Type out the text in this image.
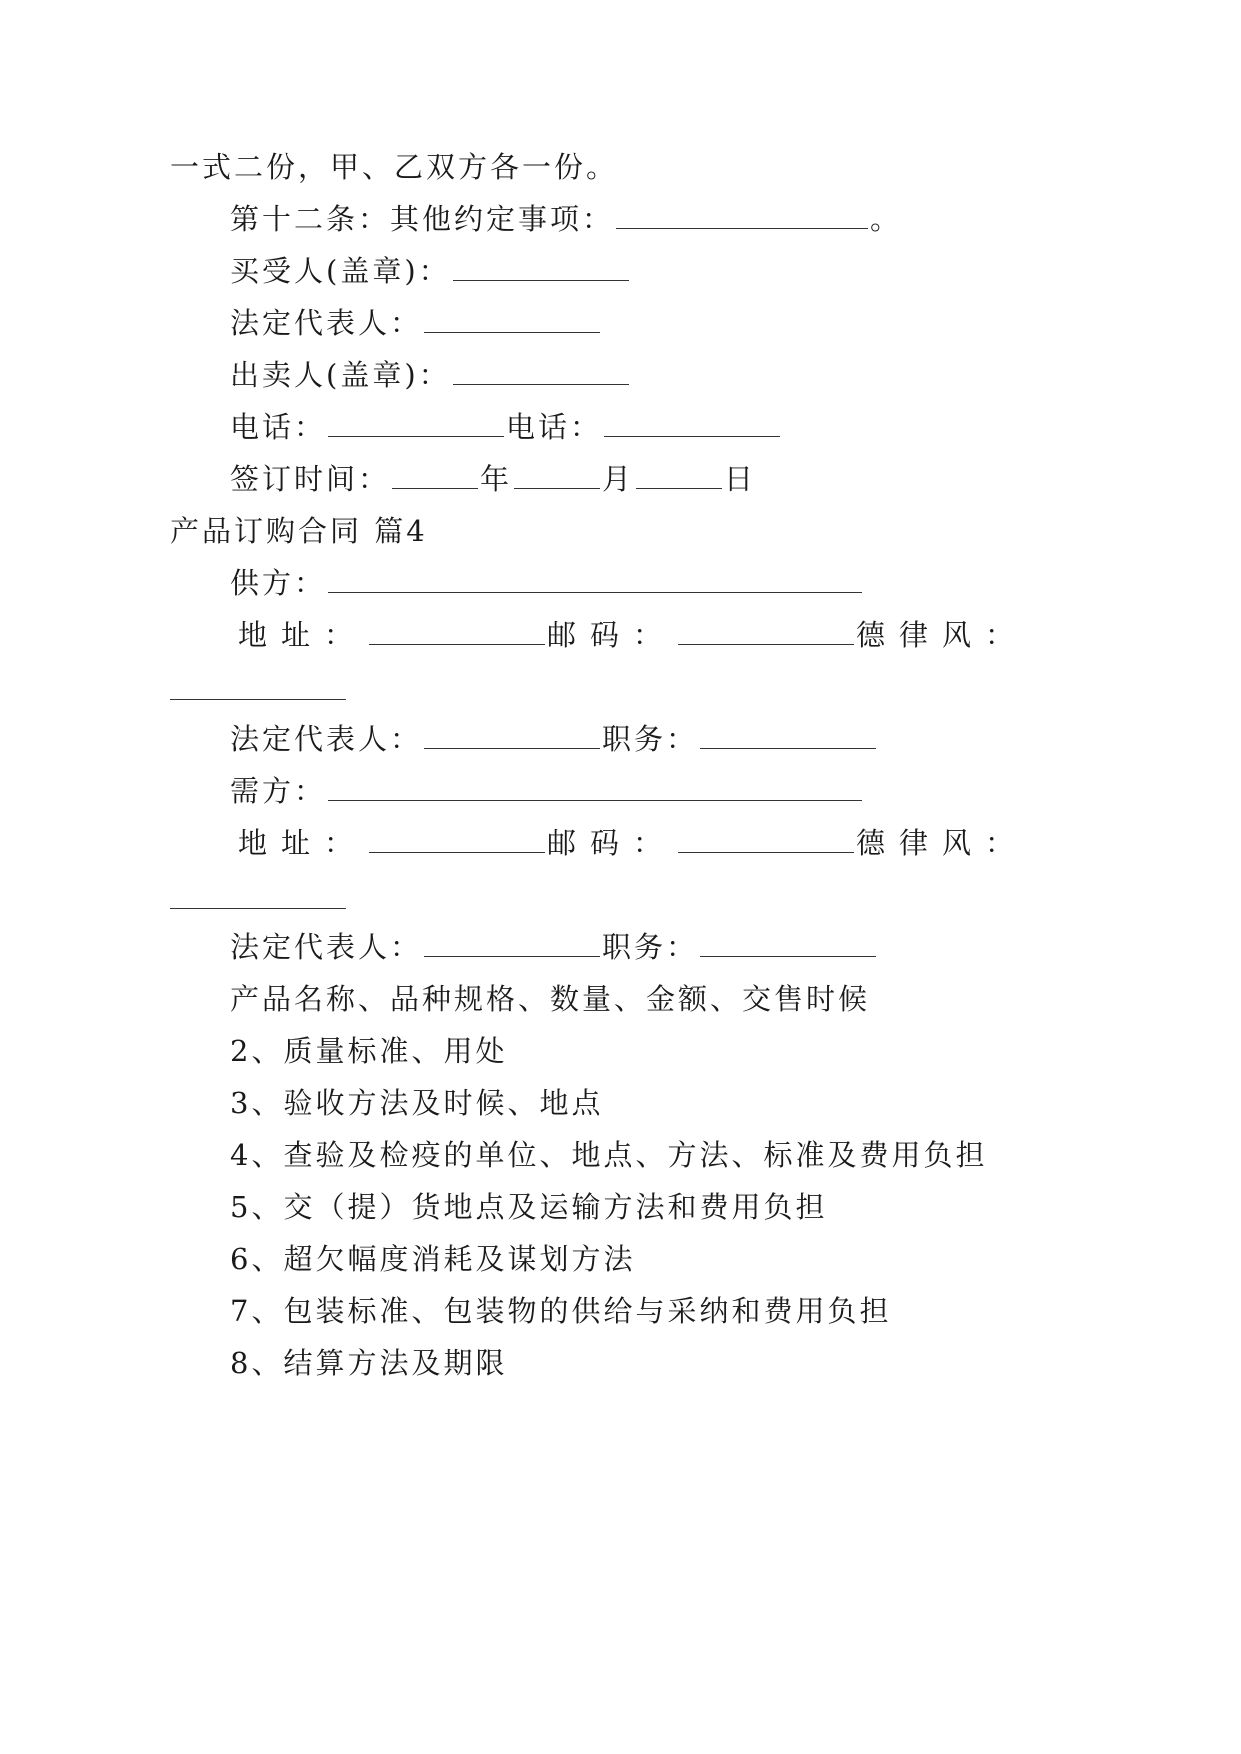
一式二份，甲、乙双方各一份。
第十二条：其他约定事项：	。
买受人(盖章)：
法定代表人：
出卖人(盖章)：
电话：	电话：
签订时间：	年	月	日
产品订购合同 篇4
供方：
地址：	邮码：	德律风：
法定代表人：	职务：
需方：
地址：	邮码：	德律风：
法定代表人：	职务：
产品名称、品种规格、数量、金额、交售时候
2、质量标准、用处
3、验收方法及时候、地点
4、查验及检疫的单位、地点、方法、标准及费用负担
5、交（提）货地点及运输方法和费用负担
6、超欠幅度消耗及谋划方法
7、包装标准、包装物的供给与采纳和费用负担
8、结算方法及期限
